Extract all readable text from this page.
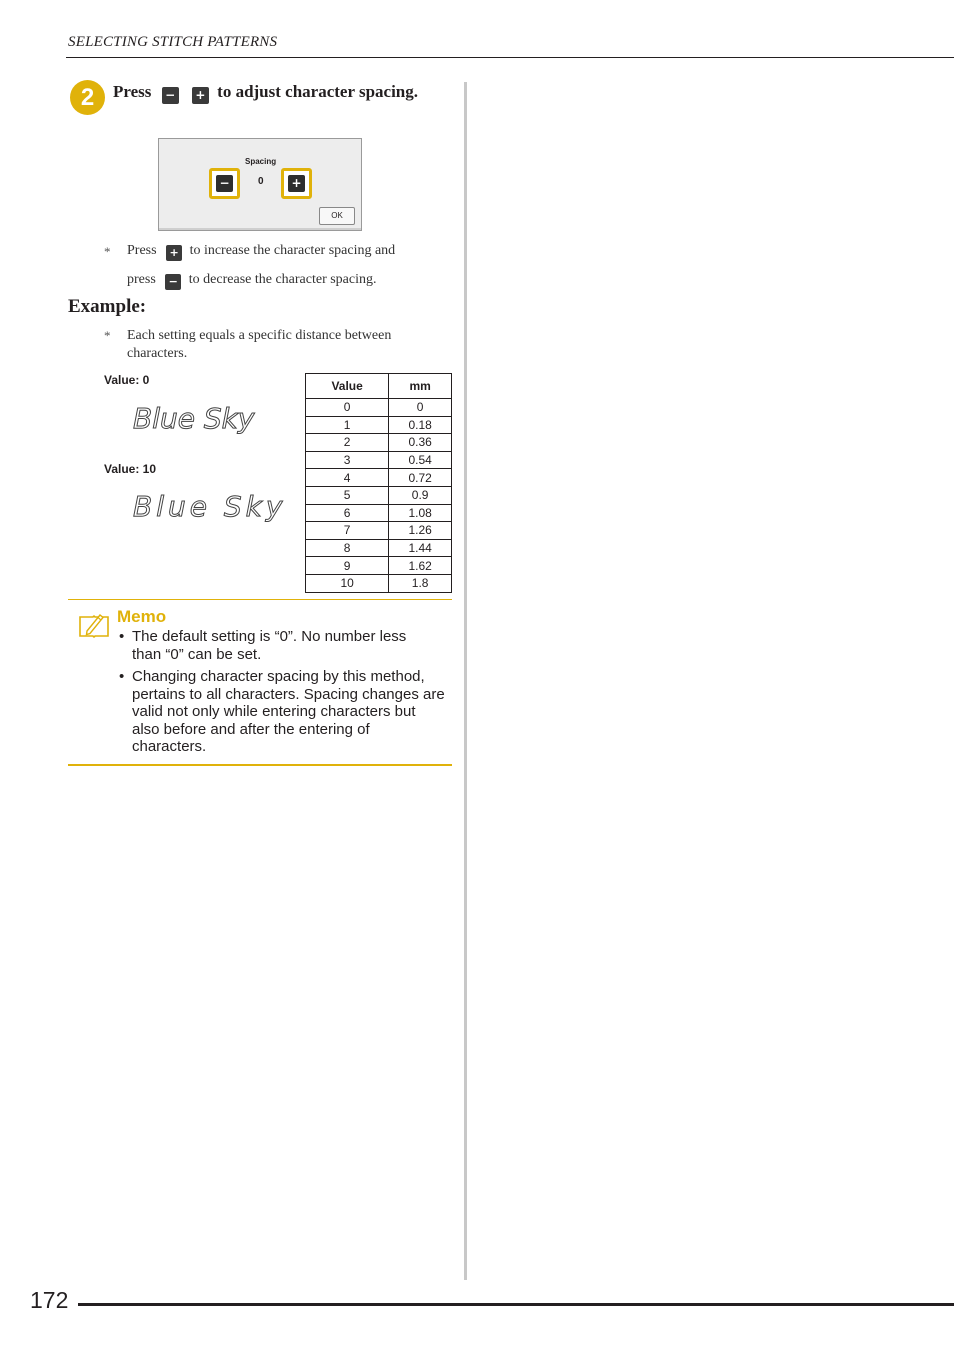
SELECTING STITCH PATTERNS
2	Press − + to adjust character spacing.
Spacing
−	0 +
OK
* Press + to increase the character spacing and
press − to decrease the character spacing.
Example:
* Each setting equals a specific distance between characters.
Value: 0
Blue Sky
Value: 10
Blue Sky
Value	mm
0	0
1	0.18
2	0.36
3	0.54
4	0.72
5	0.9
6	1.08
7	1.26
8	1.44
9	1.62
10	1.8
Memo
• The default setting is “0”. No number less than “0” can be set.
• Changing character spacing by this method, pertains to all characters. Spacing changes are valid not only while entering characters but also before and after the entering of characters.
172
